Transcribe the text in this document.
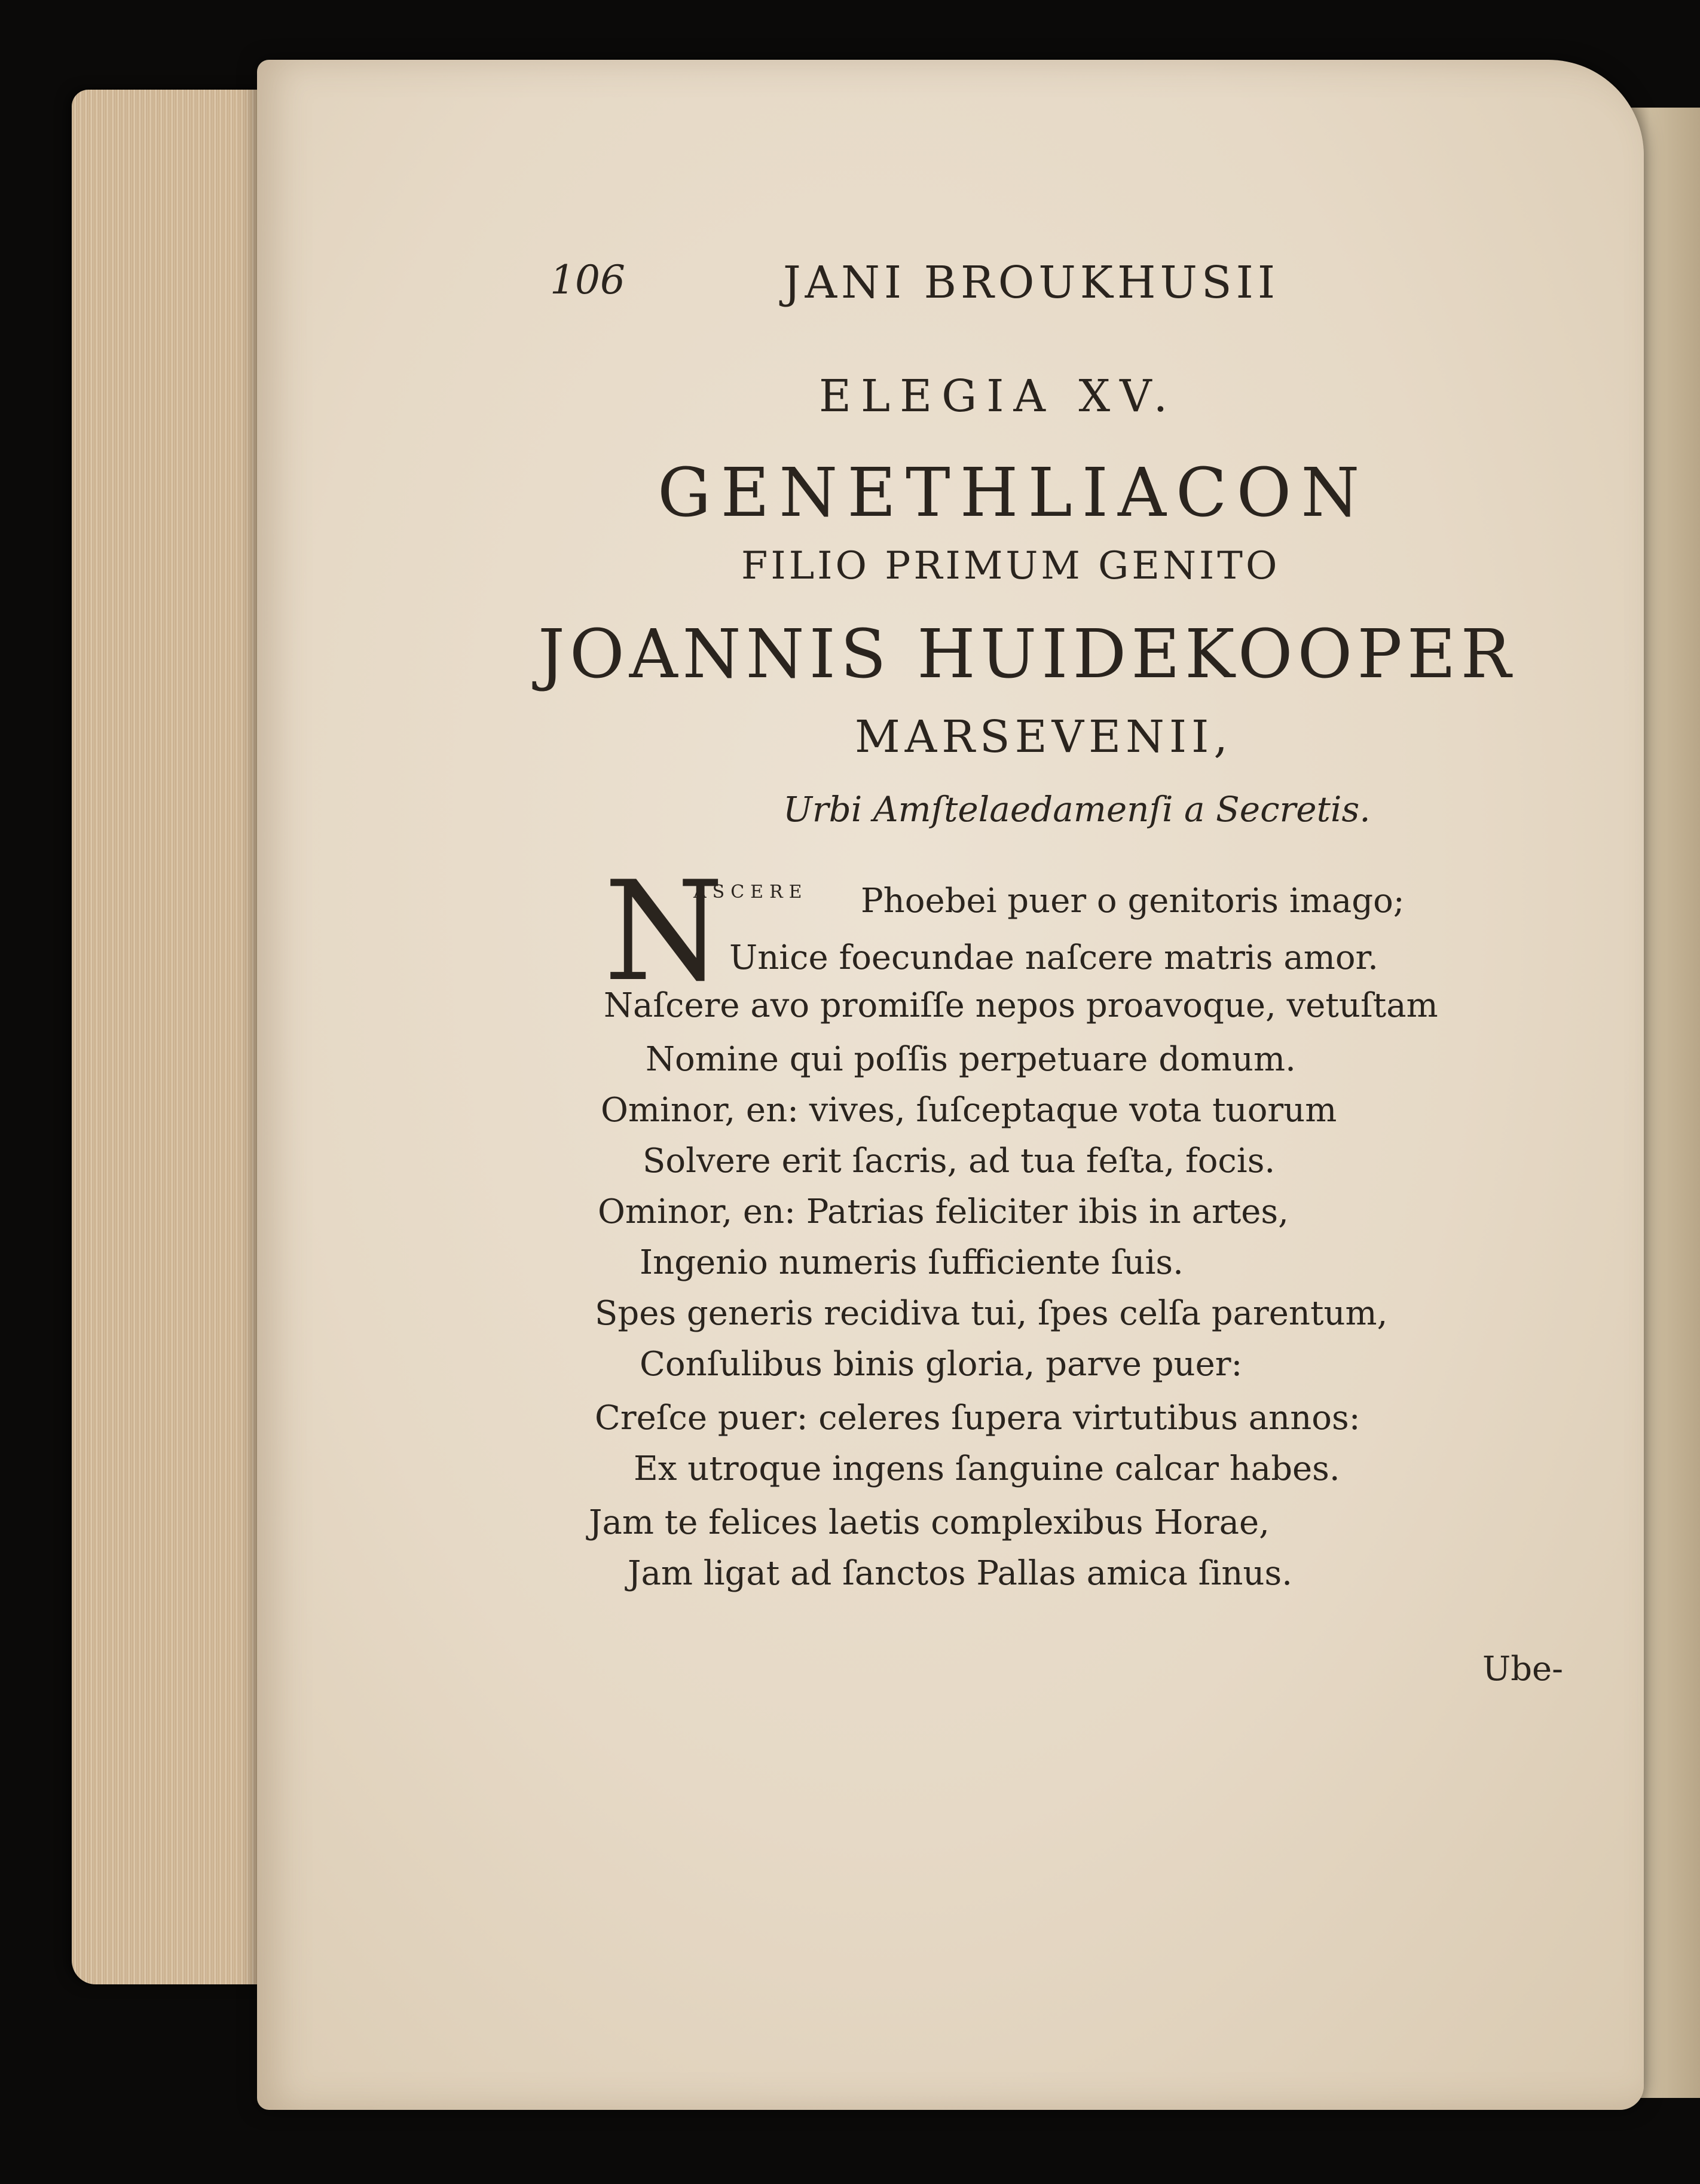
106	JANI BROUKHUSII
ELEGIA XV.
GENETHLIACON
FILIO PRIMUM GENITO
JOANNIS HUIDEKOOPER
MARSEVENII,
Urbi Amſtelaedamenſi a Secretis.
N
ASCERE Phoebei puer o genitoris imago;
Unice foecundae naſcere matris amor.
Naſcere avo promiſſe nepos proavoque, vetuſtam
Nomine qui poſſis perpetuare domum.
Ominor, en: vives, ſuſceptaque vota tuorum
Solvere erit ſacris, ad tua feſta, focis.
Ominor, en: Patrias feliciter ibis in artes,
Ingenio numeris ſufficiente ſuis.
Spes generis recidiva tui, ſpes celſa parentum,
Conſulibus binis gloria, parve puer:
Creſce puer: celeres ſupera virtutibus annos:
Ex utroque ingens ſanguine calcar habes.
Jam te felices laetis complexibus Horae,
Jam ligat ad ſanctos Pallas amica ſinus.
Ube-
